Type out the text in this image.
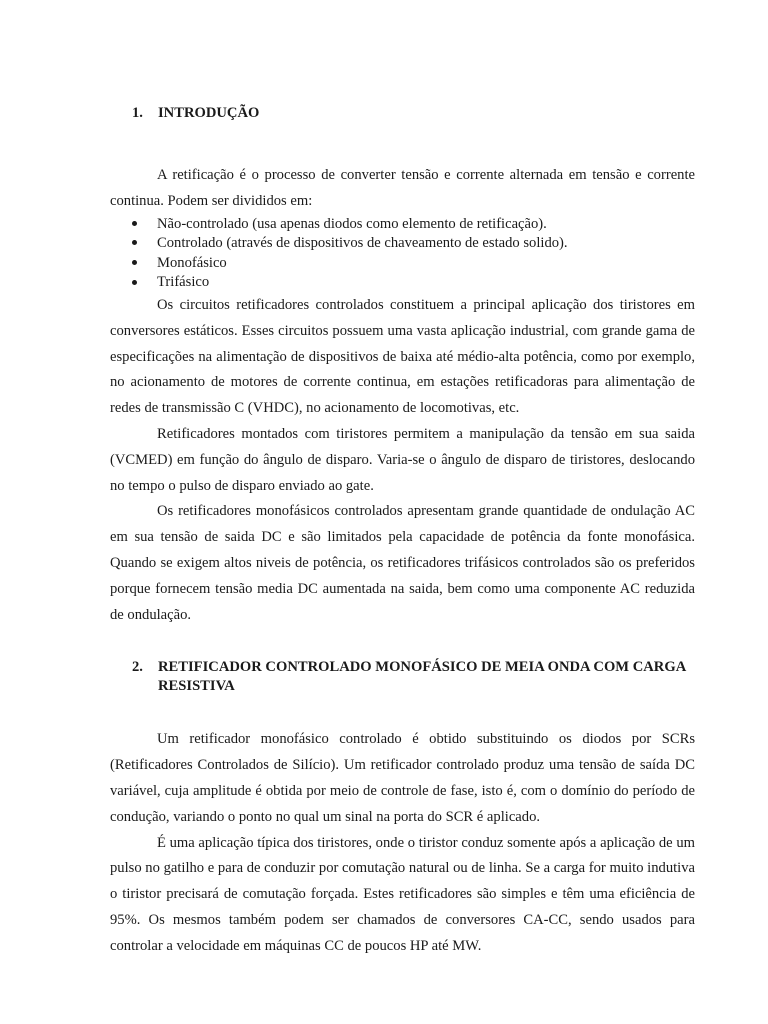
1.	INTRODUÇÃO

A retificação é o processo de converter tensão e corrente alternada em tensão e corrente continua. Podem ser divididos em:

Não-controlado (usa apenas diodos como elemento de retificação).
Controlado (através de dispositivos de chaveamento de estado solido).
Monofásico
Trifásico

Os circuitos retificadores controlados constituem a principal aplicação dos tiristores em conversores estáticos. Esses circuitos possuem uma vasta aplicação industrial, com grande gama de especificações na alimentação de dispositivos de baixa até médio-alta potência, como por exemplo, no acionamento de motores de corrente continua, em estações retificadoras para alimentação de redes de transmissão C (VHDC), no acionamento de locomotivas, etc.

Retificadores montados com tiristores permitem a manipulação da tensão em sua saida (VCMED) em função do ângulo de disparo. Varia-se o ângulo de disparo de tiristores, deslocando no tempo o pulso de disparo enviado ao gate.

Os retificadores monofásicos controlados apresentam grande quantidade de ondulação AC em sua tensão de saida DC e são limitados pela capacidade de potência da fonte monofásica. Quando se exigem altos niveis de potência, os retificadores trifásicos controlados são os preferidos porque fornecem tensão media DC aumentada na saida, bem como uma componente AC reduzida de ondulação.

2.	RETIFICADOR CONTROLADO MONOFÁSICO DE MEIA ONDA COM CARGA RESISTIVA

Um retificador monofásico controlado é obtido substituindo os diodos por SCRs (Retificadores Controlados de Silício). Um retificador controlado produz uma tensão de saída DC variável, cuja amplitude é obtida por meio de controle de fase, isto é, com o domínio do período de condução, variando o ponto no qual um sinal na porta do SCR é aplicado.

É uma aplicação típica dos tiristores, onde o tiristor conduz somente após a aplicação de um pulso no gatilho e para de conduzir por comutação natural ou de linha. Se a carga for muito indutiva o tiristor precisará de comutação forçada. Estes retificadores são simples e têm uma eficiência de 95%. Os mesmos também podem ser chamados de conversores CA-CC, sendo usados para controlar a velocidade em máquinas CC de poucos HP até MW.
